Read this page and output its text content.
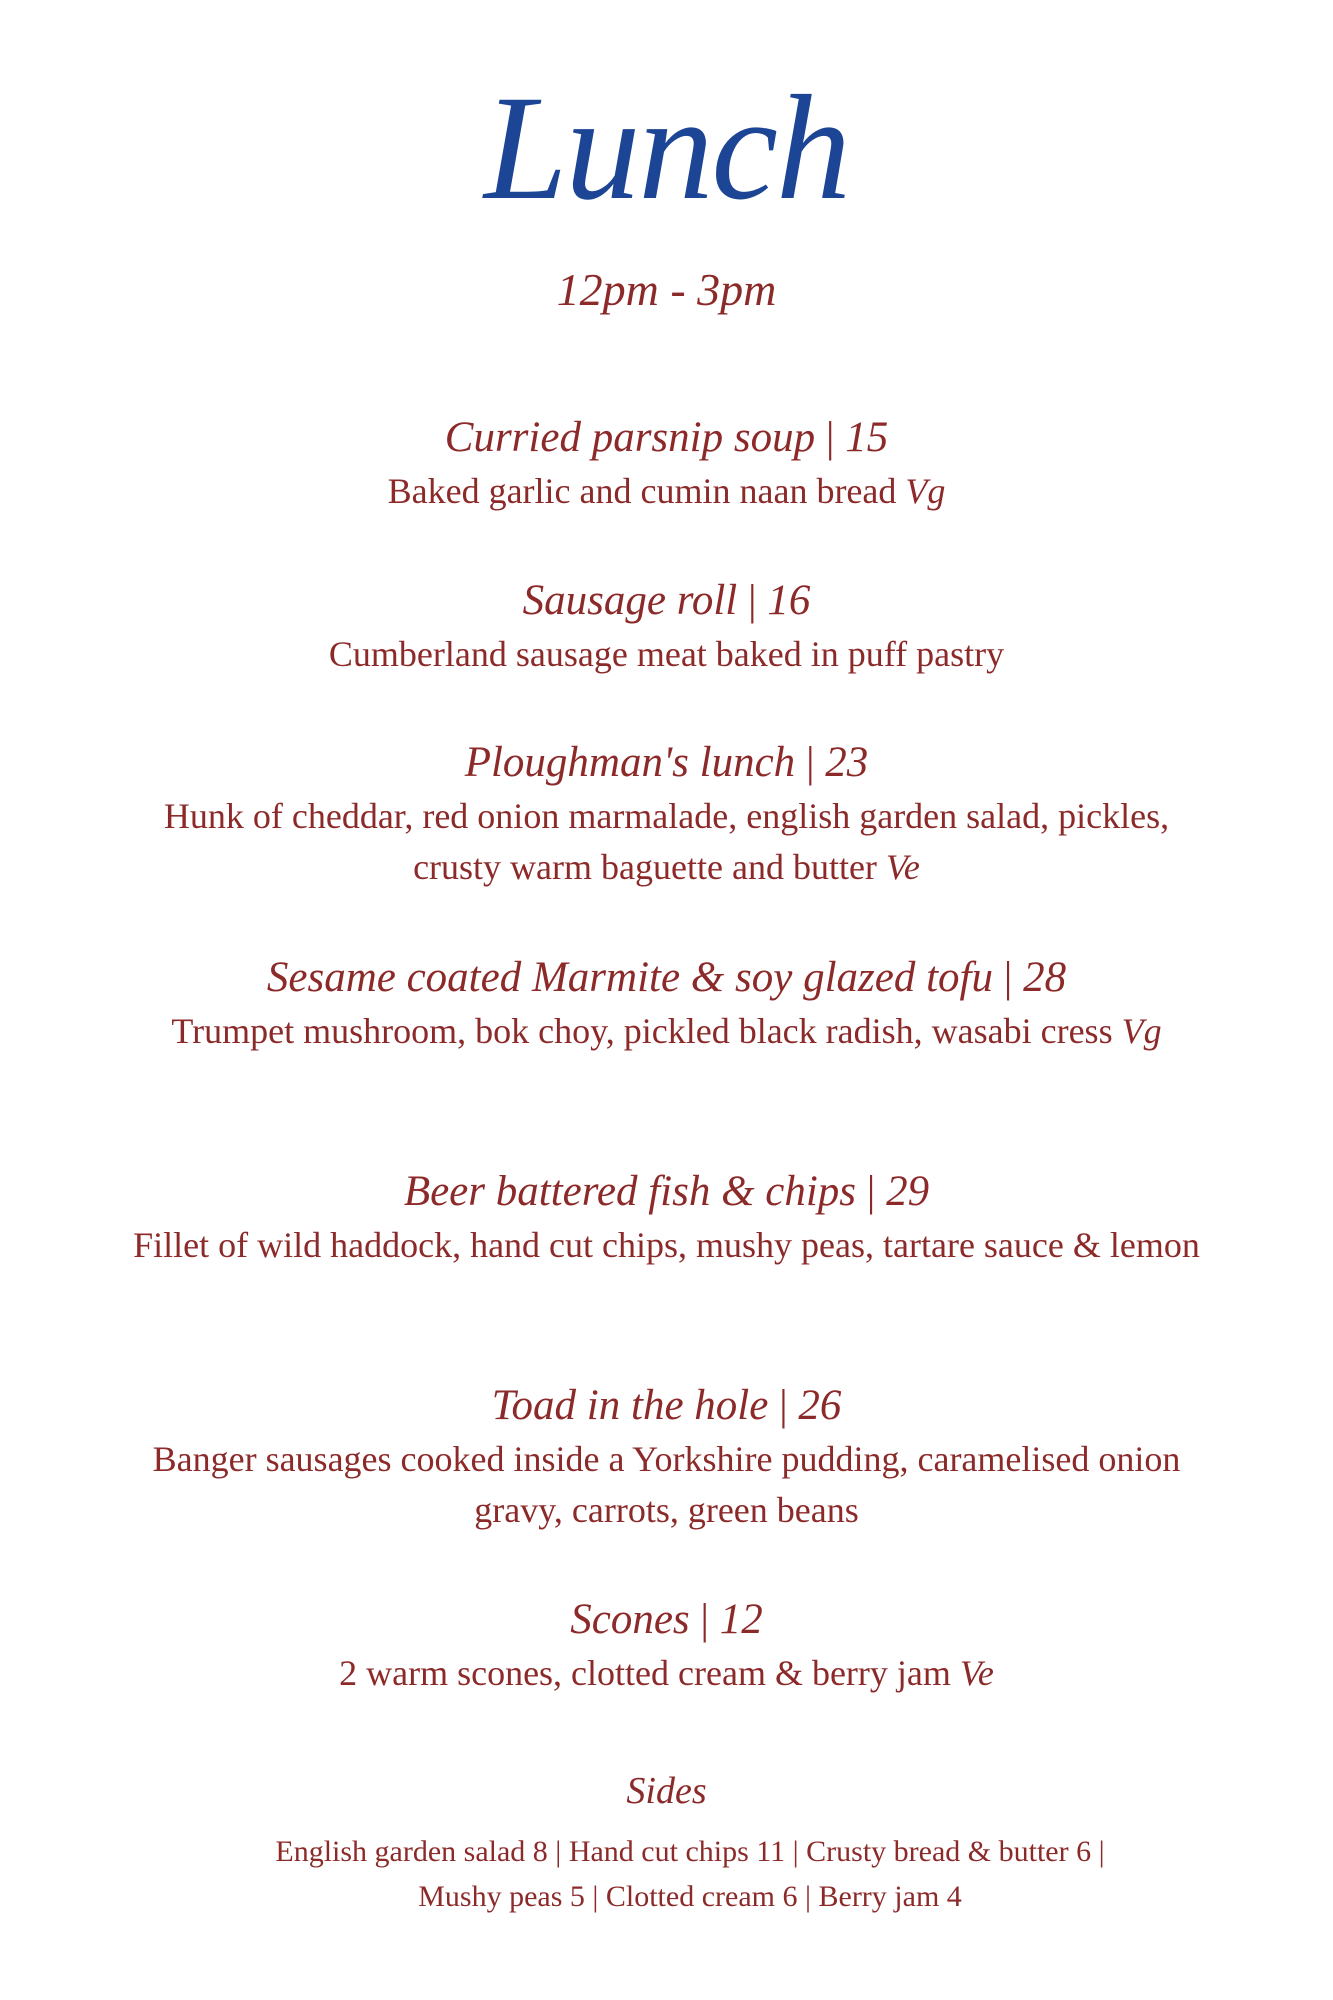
Lunch
12pm - 3pm
Curried parsnip soup | 15
Baked garlic and cumin naan bread Vg
Sausage roll | 16
Cumberland sausage meat baked in puff pastry
Ploughman's lunch | 23
Hunk of cheddar, red onion marmalade, english garden salad, pickles, crusty warm baguette and butter Ve
Sesame coated Marmite & soy glazed tofu | 28
Trumpet mushroom, bok choy, pickled black radish, wasabi cress Vg
Beer battered fish & chips | 29
Fillet of wild haddock, hand cut chips, mushy peas, tartare sauce & lemon
Toad in the hole | 26
Banger sausages cooked inside a Yorkshire pudding, caramelised onion gravy, carrots, green beans
Scones | 12
2 warm scones, clotted cream & berry jam Ve
Sides
English garden salad 8 | Hand cut chips 11 | Crusty bread & butter 6 |
Mushy peas 5 | Clotted cream 6 | Berry jam 4
